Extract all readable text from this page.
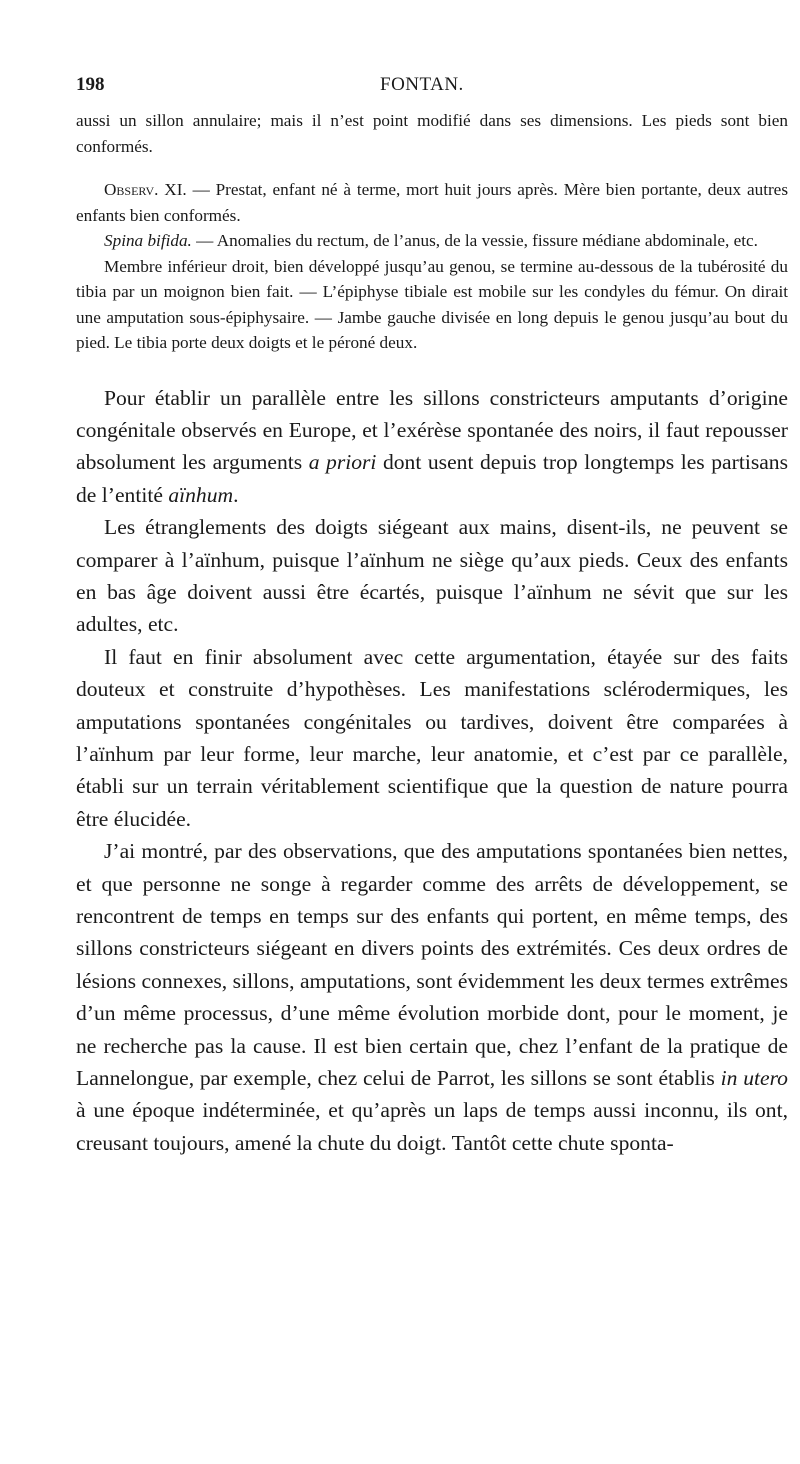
198	FONTAN.

aussi un sillon annulaire; mais il n’est point modifié dans ses dimensions. Les pieds sont bien conformés.

Observ. XI. — Prestat, enfant né à terme, mort huit jours après. Mère bien portante, deux autres enfants bien conformés.

Spina bifida. — Anomalies du rectum, de l’anus, de la vessie, fissure médiane abdominale, etc.

Membre inférieur droit, bien développé jusqu’au genou, se termine au-dessous de la tubérosité du tibia par un moignon bien fait. — L’épiphyse tibiale est mobile sur les condyles du fémur. On dirait une amputation sous-épiphysaire. — Jambe gauche divisée en long depuis le genou jusqu’au bout du pied. Le tibia porte deux doigts et le péroné deux.

Pour établir un parallèle entre les sillons constricteurs amputants d’origine congénitale observés en Europe, et l’exérèse spontanée des noirs, il faut repousser absolument les arguments a priori dont usent depuis trop longtemps les partisans de l’entité aïnhum.

Les étranglements des doigts siégeant aux mains, disent-ils, ne peuvent se comparer à l’aïnhum, puisque l’aïnhum ne siège qu’aux pieds. Ceux des enfants en bas âge doivent aussi être écartés, puisque l’aïnhum ne sévit que sur les adultes, etc.

Il faut en finir absolument avec cette argumentation, étayée sur des faits douteux et construite d’hypothèses. Les manifestations sclérodermiques, les amputations spontanées congénitales ou tardives, doivent être comparées à l’aïnhum par leur forme, leur marche, leur anatomie, et c’est par ce parallèle, établi sur un terrain véritablement scientifique que la question de nature pourra être élucidée.

J’ai montré, par des observations, que des amputations spontanées bien nettes, et que personne ne songe à regarder comme des arrêts de développement, se rencontrent de temps en temps sur des enfants qui portent, en même temps, des sillons constricteurs siégeant en divers points des extrémités. Ces deux ordres de lésions connexes, sillons, amputations, sont évidemment les deux termes extrêmes d’un même processus, d’une même évolution morbide dont, pour le moment, je ne recherche pas la cause. Il est bien certain que, chez l’enfant de la pratique de Lannelongue, par exemple, chez celui de Parrot, les sillons se sont établis in utero à une époque indéterminée, et qu’après un laps de temps aussi inconnu, ils ont, creusant toujours, amené la chute du doigt. Tantôt cette chute sponta-
